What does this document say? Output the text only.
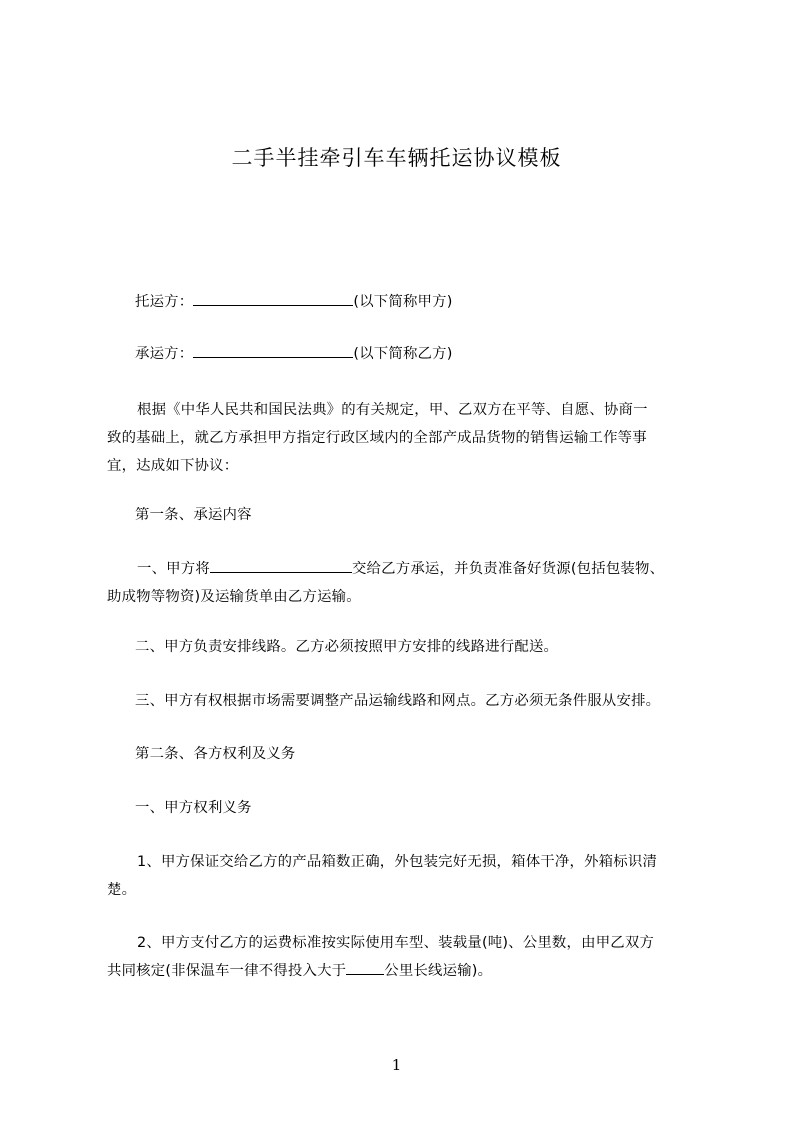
二手半挂牵引车车辆托运协议模板
托运方：	(以下简称甲方)
承运方：	(以下简称乙方)
根据《中华人民共和国民法典》的有关规定，甲、乙双方在平等、自愿、协商一
致的基础上，就乙方承担甲方指定行政区域内的全部产成品货物的销售运输工作等事
宜，达成如下协议：
第一条、承运内容
一、甲方将	交给乙方承运，并负责准备好货源(包括包装物、
助成物等物资)及运输货单由乙方运输。
二、甲方负责安排线路。乙方必须按照甲方安排的线路进行配送。
三、甲方有权根据市场需要调整产品运输线路和网点。乙方必须无条件服从安排。
第二条、各方权利及义务
一、甲方权利义务
1、甲方保证交给乙方的产品箱数正确，外包装完好无损，箱体干净，外箱标识清
楚。
2、甲方支付乙方的运费标准按实际使用车型、装载量(吨)、公里数，由甲乙双方
共同核定(非保温车一律不得投入大于	公里长线运输)。
1
